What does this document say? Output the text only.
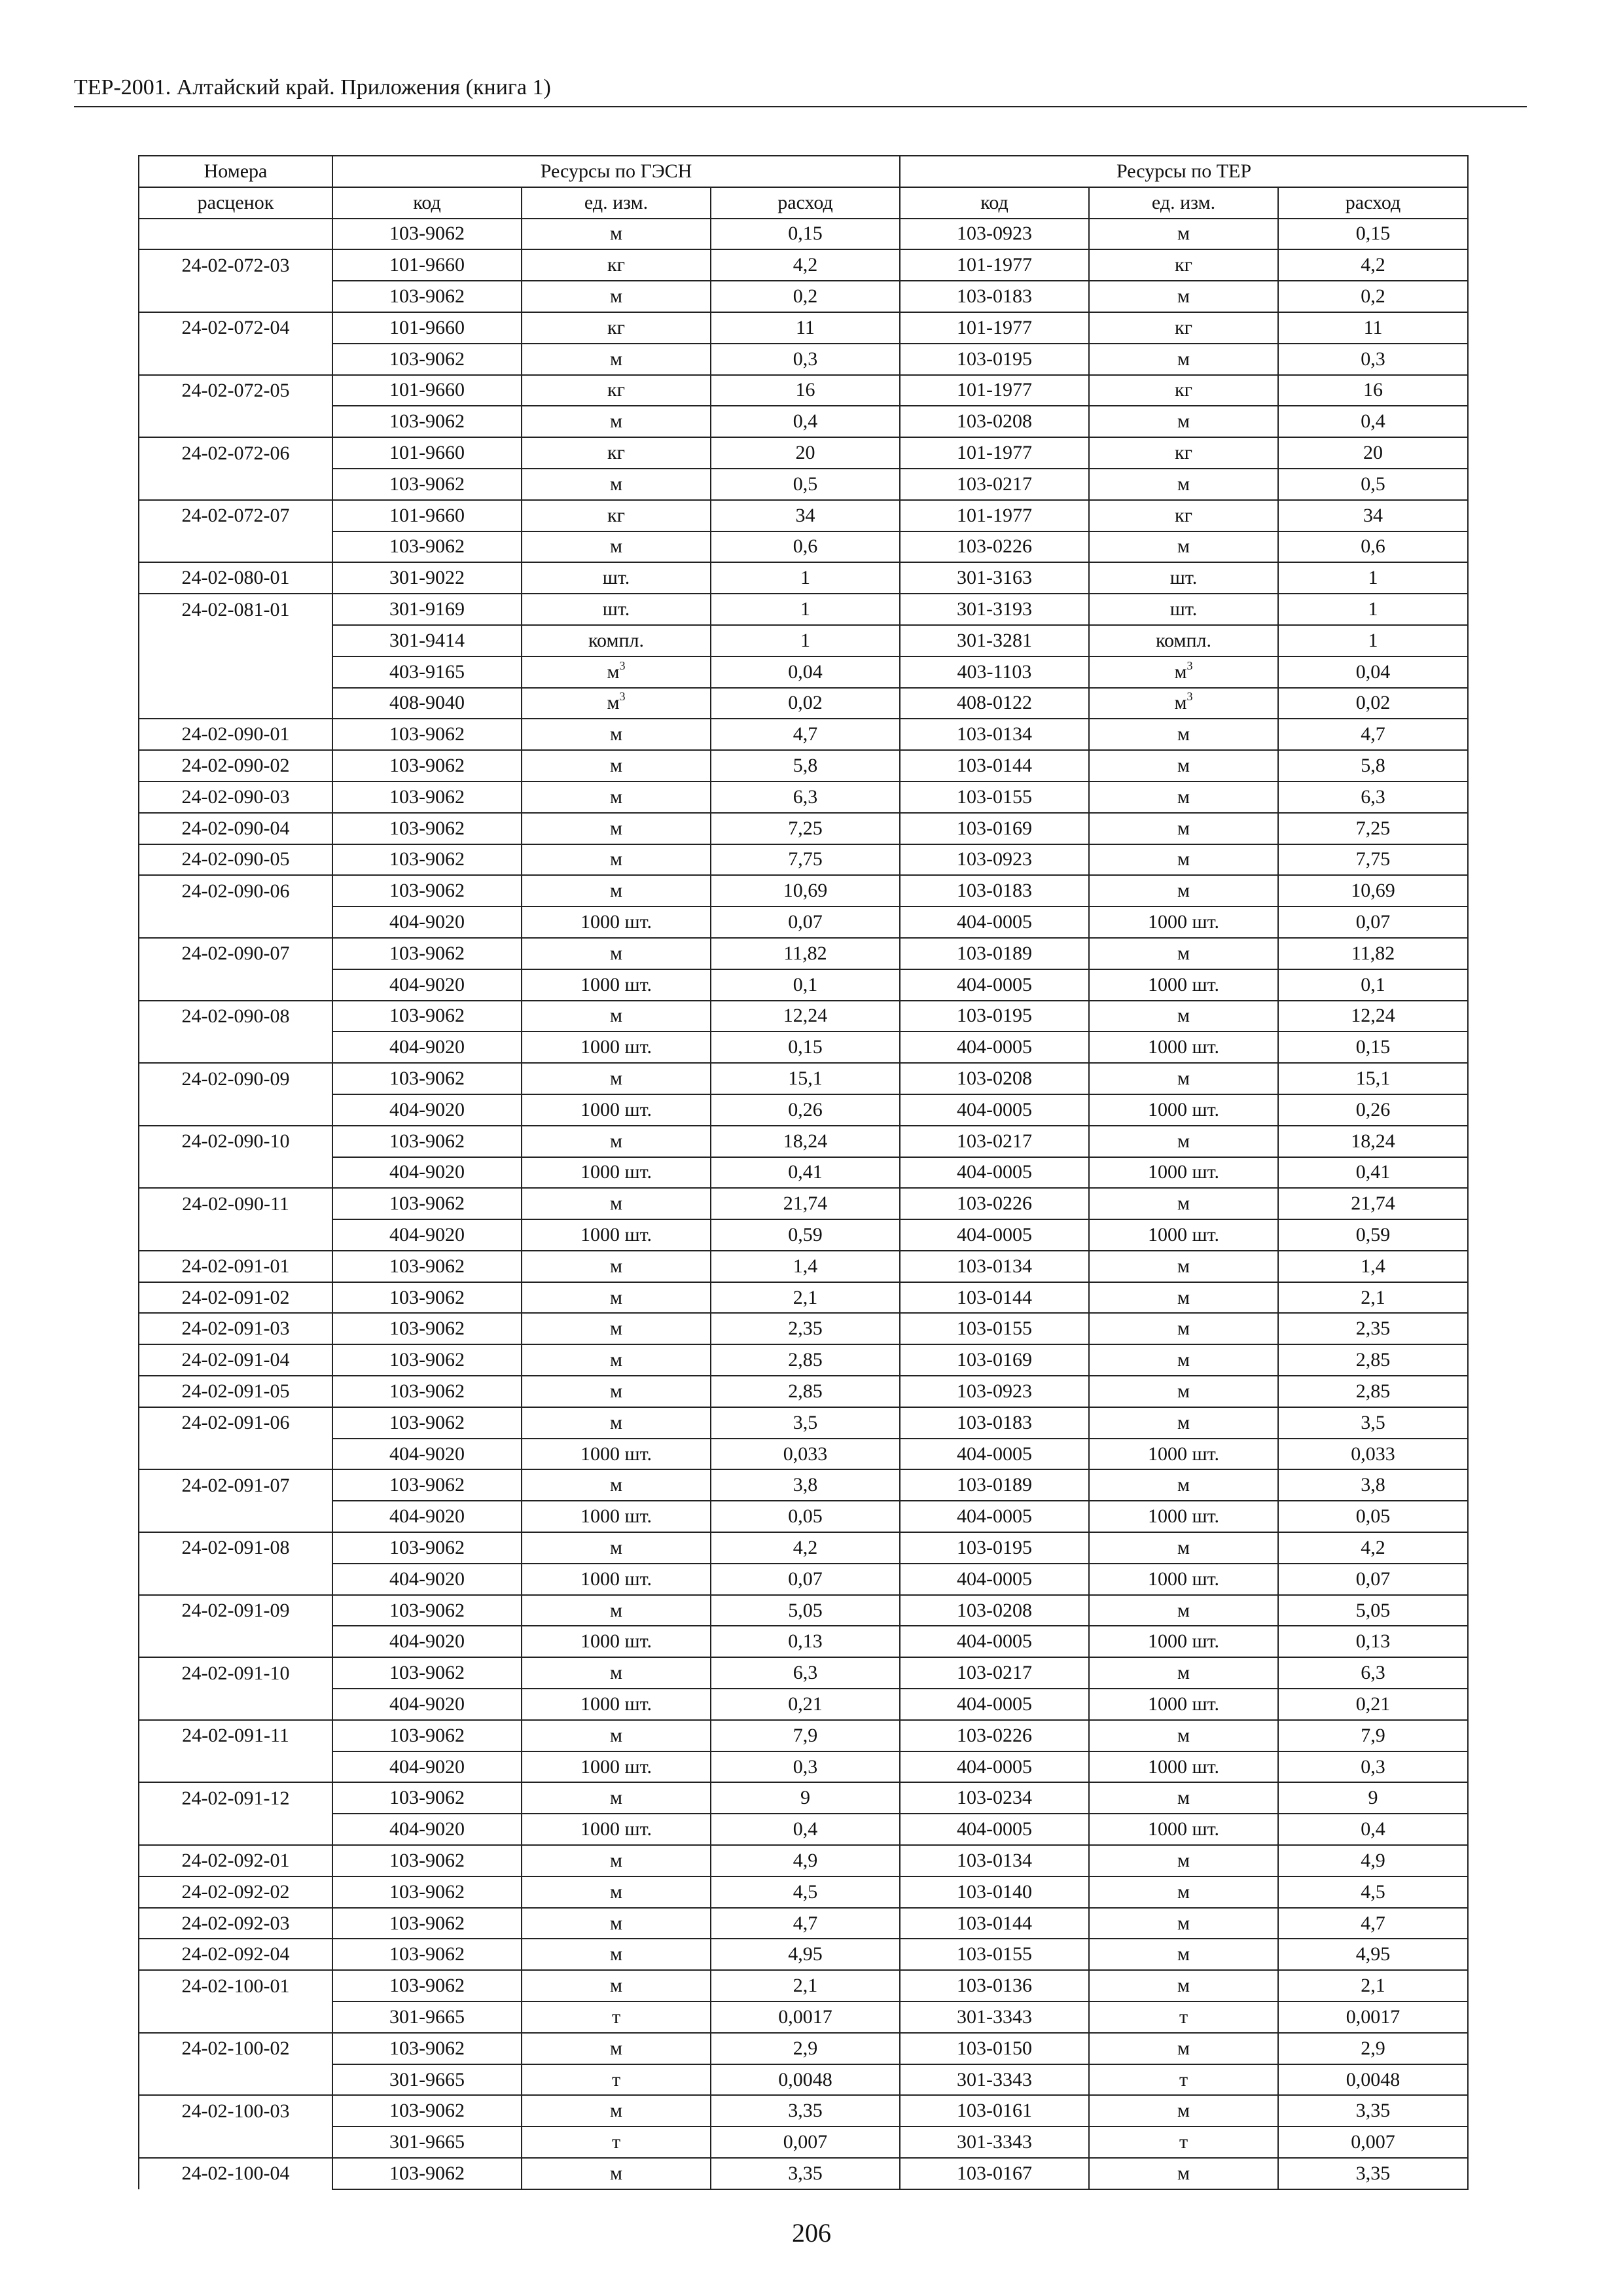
ТЕР-2001. Алтайский край. Приложения (книга 1)
Номера	Ресурсы по ГЭСН			Ресурсы по ТЕР		
расценок	код	ед. изм.	расход	код	ед. изм.	расход
	103-9062	м	0,15	103-0923	м	0,15
24-02-072-03	101-9660	кг	4,2	101-1977	кг	4,2
	103-9062	м	0,2	103-0183	м	0,2
24-02-072-04	101-9660	кг	11	101-1977	кг	11
	103-9062	м	0,3	103-0195	м	0,3
24-02-072-05	101-9660	кг	16	101-1977	кг	16
	103-9062	м	0,4	103-0208	м	0,4
24-02-072-06	101-9660	кг	20	101-1977	кг	20
	103-9062	м	0,5	103-0217	м	0,5
24-02-072-07	101-9660	кг	34	101-1977	кг	34
	103-9062	м	0,6	103-0226	м	0,6
24-02-080-01	301-9022	шт.	1	301-3163	шт.	1
24-02-081-01	301-9169	шт.	1	301-3193	шт.	1
	301-9414	компл.	1	301-3281	компл.	1
	403-9165	$м^3$	0,04	403-1103	$м^3$	0,04
	408-9040	$м^3$	0,02	408-0122	$м^3$	0,02
24-02-090-01	103-9062	м	4,7	103-0134	м	4,7
24-02-090-02	103-9062	м	5,8	103-0144	м	5,8
24-02-090-03	103-9062	м	6,3	103-0155	м	6,3
24-02-090-04	103-9062	м	7,25	103-0169	м	7,25
24-02-090-05	103-9062	м	7,75	103-0923	м	7,75
24-02-090-06	103-9062	м	10,69	103-0183	м	10,69
	404-9020	1000 шт.	0,07	404-0005	1000 шт.	0,07
24-02-090-07	103-9062	м	11,82	103-0189	м	11,82
	404-9020	1000 шт.	0,1	404-0005	1000 шт.	0,1
24-02-090-08	103-9062	м	12,24	103-0195	м	12,24
	404-9020	1000 шт.	0,15	404-0005	1000 шт.	0,15
24-02-090-09	103-9062	м	15,1	103-0208	м	15,1
	404-9020	1000 шт.	0,26	404-0005	1000 шт.	0,26
24-02-090-10	103-9062	м	18,24	103-0217	м	18,24
	404-9020	1000 шт.	0,41	404-0005	1000 шт.	0,41
24-02-090-11	103-9062	м	21,74	103-0226	м	21,74
	404-9020	1000 шт.	0,59	404-0005	1000 шт.	0,59
24-02-091-01	103-9062	м	1,4	103-0134	м	1,4
24-02-091-02	103-9062	м	2,1	103-0144	м	2,1
24-02-091-03	103-9062	м	2,35	103-0155	м	2,35
24-02-091-04	103-9062	м	2,85	103-0169	м	2,85
24-02-091-05	103-9062	м	2,85	103-0923	м	2,85
24-02-091-06	103-9062	м	3,5	103-0183	м	3,5
	404-9020	1000 шт.	0,033	404-0005	1000 шт.	0,033
24-02-091-07	103-9062	м	3,8	103-0189	м	3,8
	404-9020	1000 шт.	0,05	404-0005	1000 шт.	0,05
24-02-091-08	103-9062	м	4,2	103-0195	м	4,2
	404-9020	1000 шт.	0,07	404-0005	1000 шт.	0,07
24-02-091-09	103-9062	м	5,05	103-0208	м	5,05
	404-9020	1000 шт.	0,13	404-0005	1000 шт.	0,13
24-02-091-10	103-9062	м	6,3	103-0217	м	6,3
	404-9020	1000 шт.	0,21	404-0005	1000 шт.	0,21
24-02-091-11	103-9062	м	7,9	103-0226	м	7,9
	404-9020	1000 шт.	0,3	404-0005	1000 шт.	0,3
24-02-091-12	103-9062	м	9	103-0234	м	9
	404-9020	1000 шт.	0,4	404-0005	1000 шт.	0,4
24-02-092-01	103-9062	м	4,9	103-0134	м	4,9
24-02-092-02	103-9062	м	4,5	103-0140	м	4,5
24-02-092-03	103-9062	м	4,7	103-0144	м	4,7
24-02-092-04	103-9062	м	4,95	103-0155	м	4,95
24-02-100-01	103-9062	м	2,1	103-0136	м	2,1
	301-9665	т	0,0017	301-3343	т	0,0017
24-02-100-02	103-9062	м	2,9	103-0150	м	2,9
	301-9665	т	0,0048	301-3343	т	0,0048
24-02-100-03	103-9062	м	3,35	103-0161	м	3,35
	301-9665	т	0,007	301-3343	т	0,007
24-02-100-04	103-9062	м	3,35	103-0167	м	3,35
206
